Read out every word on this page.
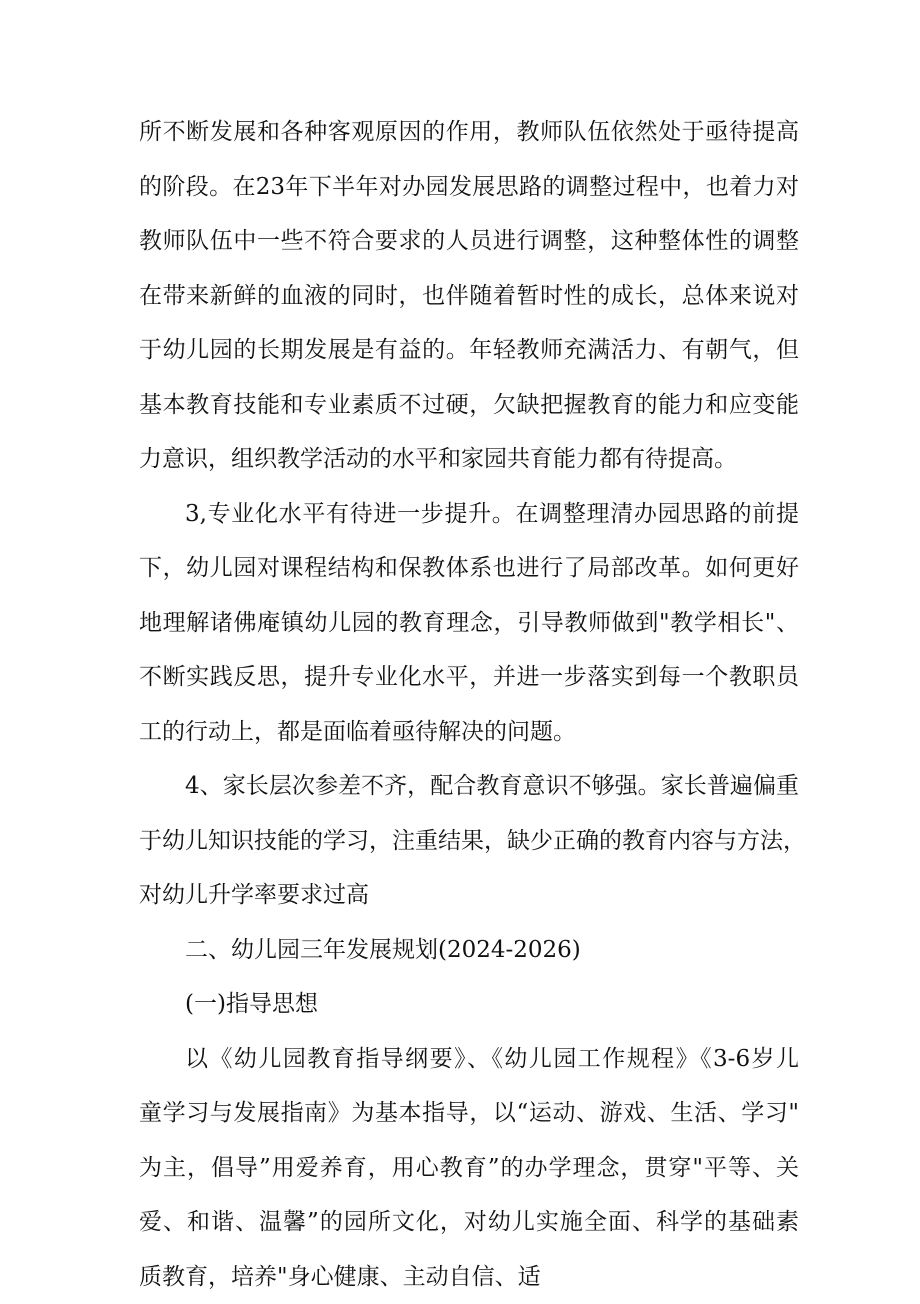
所不断发展和各种客观原因的作用，教师队伍依然处于亟待提高
的阶段。在23年下半年对办园发展思路的调整过程中，也着力对
教师队伍中一些不符合要求的人员进行调整，这种整体性的调整
在带来新鲜的血液的同时，也伴随着暂时性的成长，总体来说对
于幼儿园的长期发展是有益的。年轻教师充满活力、有朝气，但
基本教育技能和专业素质不过硬，欠缺把握教育的能力和应变能
力意识，组织教学活动的水平和家园共育能力都有待提高。
3,专业化水平有待进一步提升。在调整理清办园思路的前提
下，幼儿园对课程结构和保教体系也进行了局部改革。如何更好
地理解诸佛庵镇幼儿园的教育理念，引导教师做到"教学相长"、
不断实践反思，提升专业化水平，并进一步落实到每一个教职员
工的行动上，都是面临着亟待解决的问题。
4、家长层次参差不齐，配合教育意识不够强。家长普遍偏重
于幼儿知识技能的学习，注重结果，缺少正确的教育内容与方法，
对幼儿升学率要求过高
二、幼儿园三年发展规划(2024-2026)
(一)指导思想
以《幼儿园教育指导纲要》、《幼儿园工作规程》《3-6岁儿
童学习与发展指南》为基本指导，以“运动、游戏、生活、学习"
为主，倡导”用爱养育，用心教育”的办学理念，贯穿"平等、关
爱、和谐、温馨”的园所文化，对幼儿实施全面、科学的基础素
质教育，培养"身心健康、主动自信、适
